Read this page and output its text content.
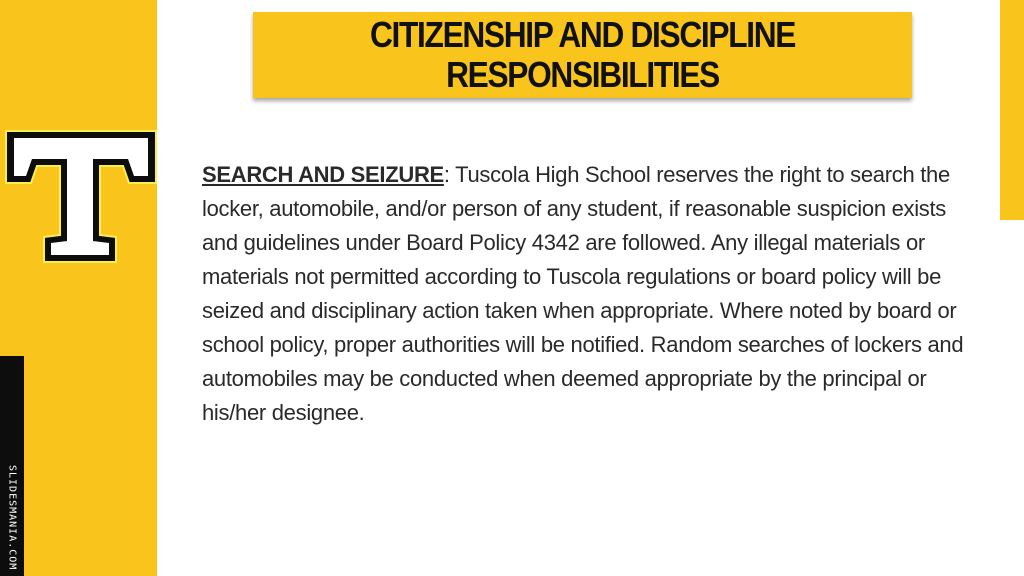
SLIDESMANIA.COM
CITIZENSHIP AND DISCIPLINE
RESPONSIBILITIES
SEARCH AND SEIZURE: Tuscola High School reserves the right to search the locker, automobile, and/or person of any student, if reasonable suspicion exists and guidelines under Board Policy 4342 are followed. Any illegal materials or materials not permitted according to Tuscola regulations or board policy will be seized and disciplinary action taken when appropriate. Where noted by board or school policy, proper authorities will be notified. Random searches of lockers and automobiles may be conducted when deemed appropriate by the principal or his/her designee.
